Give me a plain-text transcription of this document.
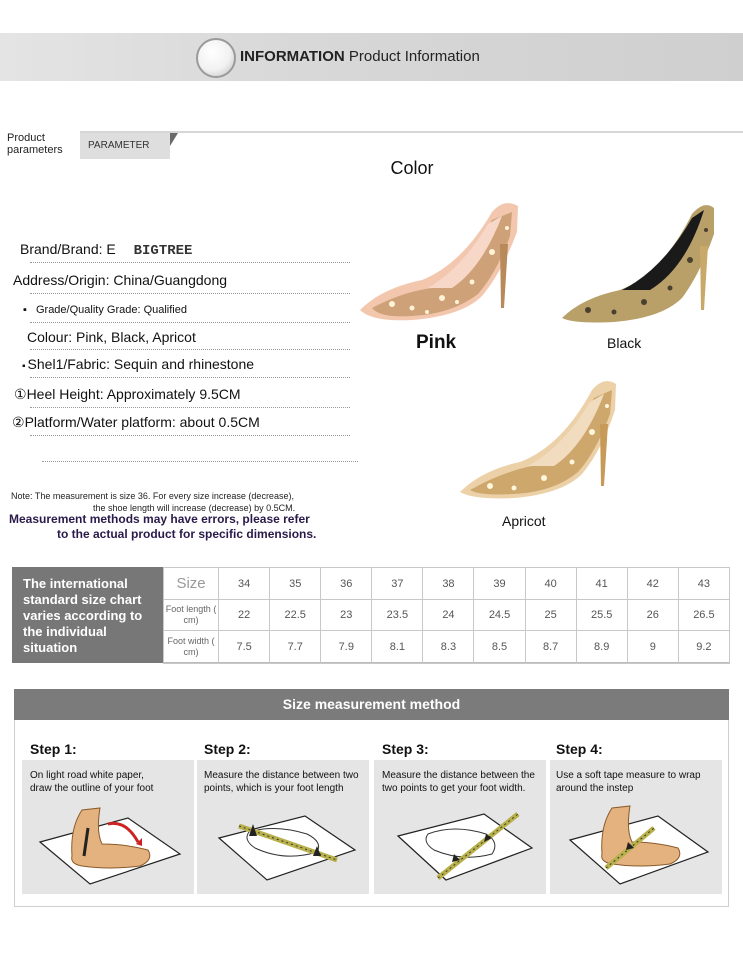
INFORMATION Product Information
Product
parameters	PARAMETER
Brand/Brand: E BIGTREE
Address/Origin: China/Guangdong
▪ Grade/Quality Grade: Qualified
Colour: Pink, Black, Apricot
▪ Shel1/Fabric: Sequin and rhinestone
①Heel Height: Approximately 9.5CM
②Platform/Water platform: about 0.5CM
Color
Pink	Black
Apricot
Note: The measurement is size 36. For every size increase (decrease),
the shoe length will increase (decrease) by 0.5CM.
Measurement methods may have errors, please refer
to the actual product for specific dimensions.
The international
standard size chart
varies according to
the individual
situation
Size	34	35	36	37	38	39	40	41	42	43
Foot length ( cm)	22	22.5	23	23.5	24	24.5	25	25.5	26	26.5
Foot width ( cm)	7.5	7.7	7.9	8.1	8.3	8.5	8.7	8.9	9	9.2
Size measurement method
Step 1:
On light road white paper,
draw the outline of your foot
Step 2:
Measure the distance between two
points, which is your foot length
Step 3:
Measure the distance between the
two points to get your foot width.
Step 4:
Use a soft tape measure to wrap
around the instep
